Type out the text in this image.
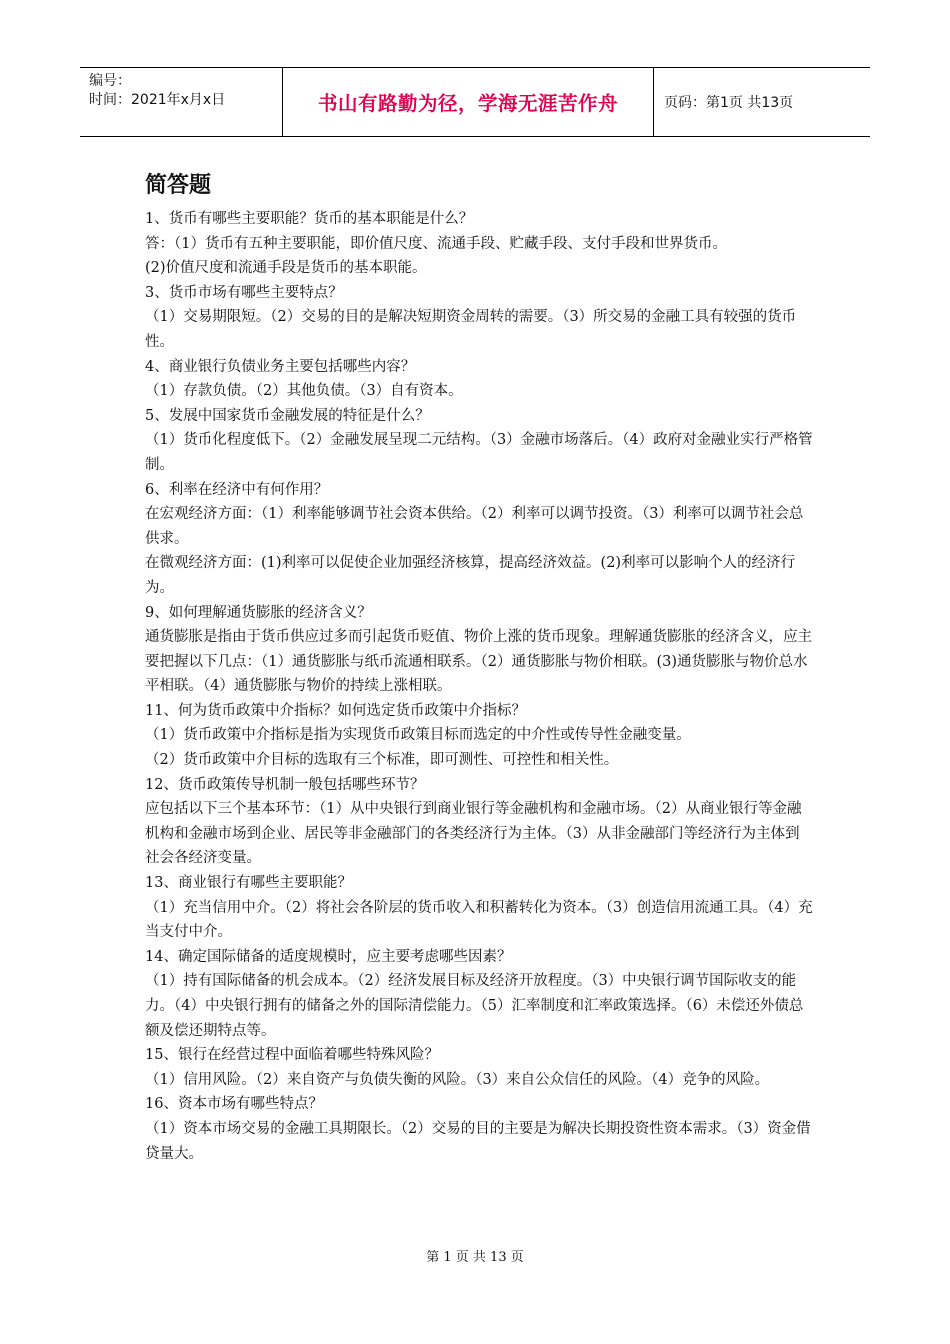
编号：
时间：2021年x月x日	书山有路勤为径，学海无涯苦作舟	页码：第1页 共13页
简答题

1、货币有哪些主要职能？货币的基本职能是什么？

答：（1）货币有五种主要职能，即价值尺度、流通手段、贮藏手段、支付手段和世界货币。

(2)价值尺度和流通手段是货币的基本职能。

3、货币市场有哪些主要特点？

（1）交易期限短。（2）交易的目的是解决短期资金周转的需要。（3）所交易的金融工具有较强的货币性。

4、商业银行负债业务主要包括哪些内容？

（1）存款负债。（2）其他负债。（3）自有资本。

5、发展中国家货币金融发展的特征是什么？

（1）货币化程度低下。（2）金融发展呈现二元结构。（3）金融市场落后。（4）政府对金融业实行严格管制。

6、利率在经济中有何作用？

在宏观经济方面：（1）利率能够调节社会资本供给。（2）利率可以调节投资。（3）利率可以调节社会总供求。

在微观经济方面：(1)利率可以促使企业加强经济核算，提高经济效益。(2)利率可以影响个人的经济行为。

9、如何理解通货膨胀的经济含义？

通货膨胀是指由于货币供应过多而引起货币贬值、物价上涨的货币现象。理解通货膨胀的经济含义，应主要把握以下几点：（1）通货膨胀与纸币流通相联系。（2）通货膨胀与物价相联。(3)通货膨胀与物价总水平相联。（4）通货膨胀与物价的持续上涨相联。

11、何为货币政策中介指标？如何选定货币政策中介指标？

（1）货币政策中介指标是指为实现货币政策目标而选定的中介性或传导性金融变量。

（2）货币政策中介目标的选取有三个标准，即可测性、可控性和相关性。

12、货币政策传导机制一般包括哪些环节？

应包括以下三个基本环节：（1）从中央银行到商业银行等金融机构和金融市场。（2）从商业银行等金融机构和金融市场到企业、居民等非金融部门的各类经济行为主体。（3）从非金融部门等经济行为主体到社会各经济变量。

13、商业银行有哪些主要职能？

（1）充当信用中介。（2）将社会各阶层的货币收入和积蓄转化为资本。（3）创造信用流通工具。（4）充当支付中介。

14、确定国际储备的适度规模时，应主要考虑哪些因素？

（1）持有国际储备的机会成本。（2）经济发展目标及经济开放程度。（3）中央银行调节国际收支的能力。（4）中央银行拥有的储备之外的国际清偿能力。（5）汇率制度和汇率政策选择。（6）未偿还外债总额及偿还期特点等。

15、银行在经营过程中面临着哪些特殊风险？

（1）信用风险。（2）来自资产与负债失衡的风险。（3）来自公众信任的风险。（4）竞争的风险。

16、资本市场有哪些特点？

（1）资本市场交易的金融工具期限长。（2）交易的目的主要是为解决长期投资性资本需求。（3）资金借贷量大。

第 1 页 共 13 页
